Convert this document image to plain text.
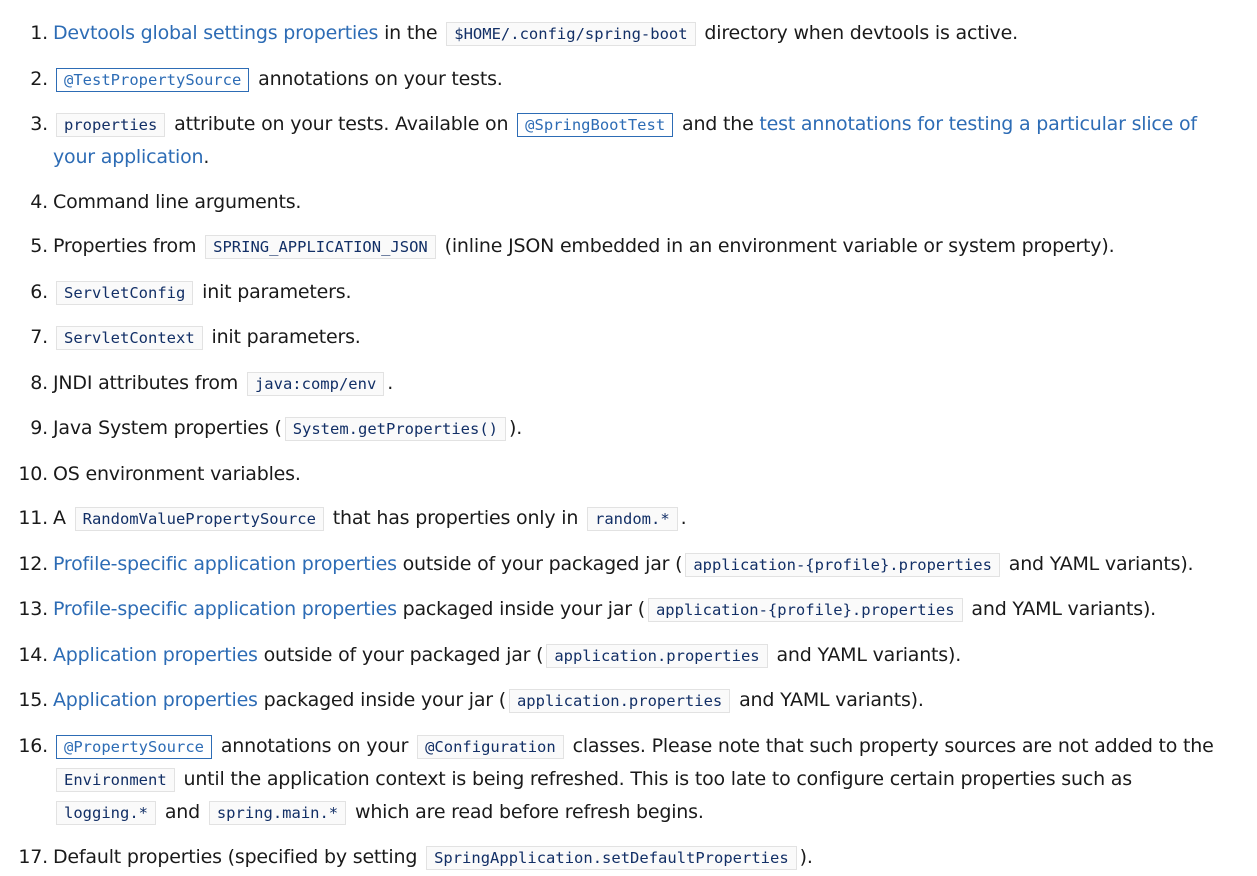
1. Devtools global settings properties in the $HOME/.config/spring-boot directory when devtools is active.
2. @TestPropertySource annotations on your tests.
3. properties attribute on your tests. Available on @SpringBootTest and the test annotations for testing a particular slice of your application.
4. Command line arguments.
5. Properties from SPRING_APPLICATION_JSON (inline JSON embedded in an environment variable or system property).
6. ServletConfig init parameters.
7. ServletContext init parameters.
8. JNDI attributes from java:comp/env .
9. Java System properties ( System.getProperties() ).
10. OS environment variables.
11. A RandomValuePropertySource that has properties only in random.* .
12. Profile-specific application properties outside of your packaged jar ( application-{profile}.properties and YAML variants).
13. Profile-specific application properties packaged inside your jar ( application-{profile}.properties and YAML variants).
14. Application properties outside of your packaged jar ( application.properties and YAML variants).
15. Application properties packaged inside your jar ( application.properties and YAML variants).
16. @PropertySource annotations on your @Configuration classes. Please note that such property sources are not added to the Environment until the application context is being refreshed. This is too late to configure certain properties such as logging.* and spring.main.* which are read before refresh begins.
17. Default properties (specified by setting SpringApplication.setDefaultProperties ).
